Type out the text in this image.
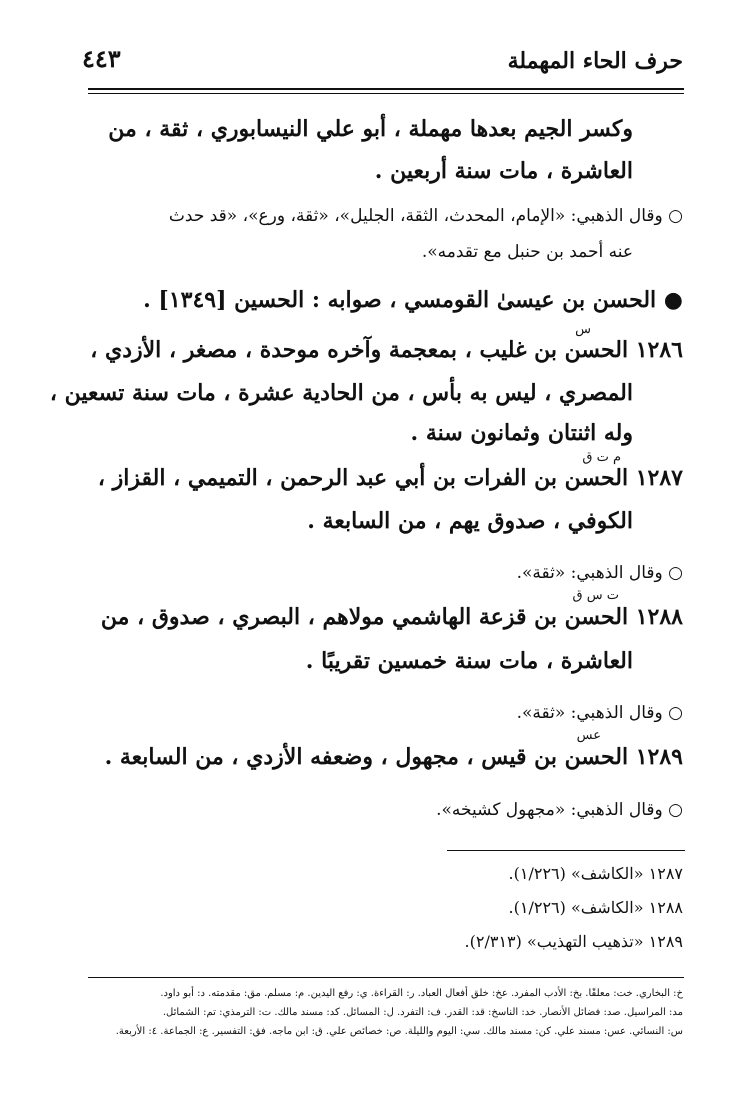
حرف الحاء المهملة
٤٤٣
وكسر الجيم بعدها مهملة ، أبو علي النيسابوري ، ثقة ، من
العاشرة ، مات سنة أربعين .
○ وقال الذهبي: «الإمام، المحدث، الثقة، الجليل»، «ثقة، ورع»، «قد حدث
عنه أحمد بن حنبل مع تقدمه».
● الحسن بن عيسىٰ القومسي ، صوابه : الحسين [١٣٤٩] .
س
١٢٨٦ الحسن بن غليب ، بمعجمة وآخره موحدة ، مصغر ، الأزدي ،
المصري ، ليس به بأس ، من الحادية عشرة ، مات سنة تسعين ،
وله اثنتان وثمانون سنة .
م ت ق
١٢٨٧ الحسن بن الفرات بن أبي عبد الرحمن ، التميمي ، القزاز ،
الكوفي ، صدوق يهم ، من السابعة .
○ وقال الذهبي: «ثقة».
ت س ق
١٢٨٨ الحسن بن قزعة الهاشمي مولاهم ، البصري ، صدوق ، من
العاشرة ، مات سنة خمسين تقريبًا .
○ وقال الذهبي: «ثقة».
عس
١٢٨٩ الحسن بن قيس ، مجهول ، وضعفه الأزدي ، من السابعة .
○ وقال الذهبي: «مجهول كشيخه».
١٢٨٧ «الكاشف» (١/٢٢٦).
١٢٨٨ «الكاشف» (١/٢٢٦).
١٢٨٩ «تذهيب التهذيب» (٢/٣١٣).
خ: البخاري. خت: معلقًا. بخ: الأدب المفرد. عخ: خلق أفعال العباد. ر: القراءة. ي: رفع اليدين. م: مسلم. مق: مقدمته. د: أبو داود.
مد: المراسيل. صد: فضائل الأنصار. خد: الناسخ: قد: القدر. ف: التفرد. ل: المسائل. كد: مسند مالك. ت: الترمذي: تم: الشمائل.
س: النسائي. عس: مسند علي. كن: مسند مالك. سي: اليوم والليلة. ص: خصائص علي. ق: ابن ماجه. فق: التفسير. ع: الجماعة. ٤: الأربعة.
